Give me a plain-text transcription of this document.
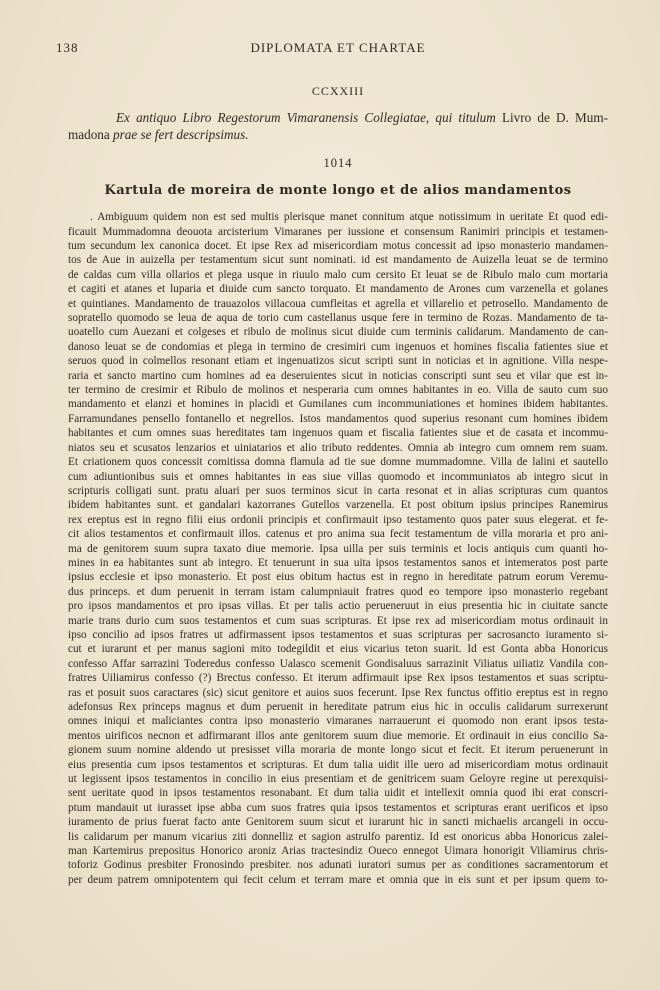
138	DIPLOMATA ET CHARTAE
CCXXIII

Ex antiquo Libro Regestorum Vimaranensis Collegiatae, qui titulum Livro de D. Mum-madona prae se fert descripsimus.

1014
Kartula de moreira de monte longo et de alios mandamentos
. Ambiguum quidem non est sed multis plerisque manet connitum atque notissimum in ueritate Et quod edi-
ficauit Mummadomna deouota arcisterium Vimaranes per iussione et consensum Ranimiri principis et testamen-
tum secundum lex canonica docet. Et ipse Rex ad misericordiam motus concessit ad ipso monasterio mandamen-
tos de Aue in auizella per testamentum sicut sunt nominati. id est mandamento de Auizella leuat se de termino
de caldas cum villa ollarios et plega usque in riuulo malo cum cersito Et leuat se de Ribulo malo cum mortaria
et cagiti et atanes et luparia et diuide cum sancto torquato. Et mandamento de Arones cum varzenella et golanes
et quintianes. Mandamento de trauazolos villacoua cumfleitas et agrella et villarelio et petrosello. Mandamento de
sopratello quomodo se leua de aqua de torio cum castellanus usque fere in termino de Rozas. Mandamento de ta-
uoatello cum Auezani et colgeses et ribulo de molinus sicut diuide cum terminis calidarum. Mandamento de can-
danoso leuat se de condomias et plega in termino de cresimiri cum ingenuos et homines fiscalia fatientes siue et
seruos quod in colmellos resonant etiam et ingenuatizos sicut scripti sunt in noticias et in agnitione. Villa nespe-
raria et sancto martino cum homines ad ea deseruientes sicut in noticias conscripti sunt seu et vilar que est in-
ter termino de cresimir et Ribulo de molinos et nesperaria cum omnes habitantes in eo. Villa de sauto cum suo
mandamento et elanzi et homines in placidi et Gumilanes cum incommuniationes et homines ibidem habitantes.
Farramundanes pensello fontanello et negrellos. Istos mandamentos quod superius resonant cum homines ibidem
habitantes et cum omnes suas hereditates tam ingenuos quam et fiscalia fatientes siue et de casata et incommu-
niatos seu et scusatos lenzarios et uiniatarios et alio tributo reddentes. Omnia ab integro cum omnem rem suam.
Et criationem quos concessit comitissa domna flamula ad tie sue domne mummadomne. Villa de lalini et sautello
cum adiuntionibus suis et omnes habitantes in eas siue villas quomodo et incommuniatos ab integro sicut in
scripturis colligati sunt. pratu aluari per suos terminos sicut in carta resonat et in alias scripturas cum quantos
ibidem habitantes sunt. et gandalari kazorranes Gutellos varzenella. Et post obitum ipsius principes Ranemirus
rex ereptus est in regno filii eius ordonii principis et confirmauit ipso testamento quos pater suus elegerat. et fe-
cit alios testamentos et confirmauit illos. catenus et pro anima sua fecit testamentum de villa moraria et pro ani-
ma de genitorem suum supra taxato diue memorie. Ipsa uilla per suis terminis et locis antiquis cum quanti ho-
mines in ea habitantes sunt ab integro. Et tenuerunt in sua uita ipsos testamentos sanos et intemeratos post parte
ipsius ecclesie et ipso monasterio. Et post eius obitum hactus est in regno in hereditate patrum eorum Veremu-
dus princeps. et dum peruenit in terram istam calumpniauit fratres quod eo tempore ipso monasterio regebant
pro ipsos mandamentos et pro ipsas villas. Et per talis actio perueneruut in eius presentia hic in ciuitate sancte
marie trans durio cum suos testamentos et cum suas scripturas. Et ipse rex ad misericordiam motus ordinauit in
ipso concilio ad ipsos fratres ut adfirmassent ipsos testamentos et suas scripturas per sacrosancto iuramento si-
cut et iurarunt et per manus sagioni mito todegildit et eius vicarius teton suarit. Id est Gonta abba Honoricus
confesso Affar sarrazini Toderedus confesso Ualasco scemenit Gondisaluus sarrazinit Viliatus uiliatiz Vandila con-
fratres Uiliamirus confesso (?) Brectus confesso. Et iterum adfirmauit ipse Rex ipsos testamentos et suas scriptu-
ras et posuit suos caractares (sic) sicut genitore et auios suos fecerunt. Ipse Rex functus offitio ereptus est in regno
adefonsus Rex princeps magnus et dum peruenit in hereditate patrum eius hic in occulis calidarum surrexerunt
omnes iniqui et maliciantes contra ipso monasterio vimaranes narrauerunt ei quomodo non erant ipsos testa-
mentos uirificos necnon et adfirmarant illos ante genitorem suum diue memorie. Et ordinauit in eius concilio Sa-
gionem suum nomine aldendo ut presisset villa moraria de monte longo sicut et fecit. Et iterum peruenerunt in
eius presentia cum ipsos testamentos et scripturas. Et dum talia uidit ille uero ad misericordiam motus ordinauit
ut legissent ipsos testamentos in concilio in eius presentiam et de genitricem suam Geloyre regine ut perexquisi-
sent ueritate quod in ipsos testamentos resonabant. Et dum talia uidit et intellexit omnia quod ibi erat conscri-
ptum mandauit ut iurasset ipse abba cum suos fratres quia ipsos testamentos et scripturas erant uerificos et ipso
iuramento de prius fuerat facto ante Genitorem suum sicut et iurarunt hic in sancti michaelis arcangeli in occu-
lis calidarum per manum vicarius ziti donnelliz et sagion astrulfo parentiz. Id est onoricus abba Honoricus zalei-
man Kartemirus prepositus Honorico aroniz Arias tractesindiz Oueco ennegot Uimara honorigit Viliamirus chris-
toforiz Godinus presbiter Fronosindo presbiter. nos adunati iuratori sumus per as conditiones sacramentorum et
per deum patrem omnipotentem qui fecit celum et terram mare et omnia que in eis sunt et per ipsum quem to-
